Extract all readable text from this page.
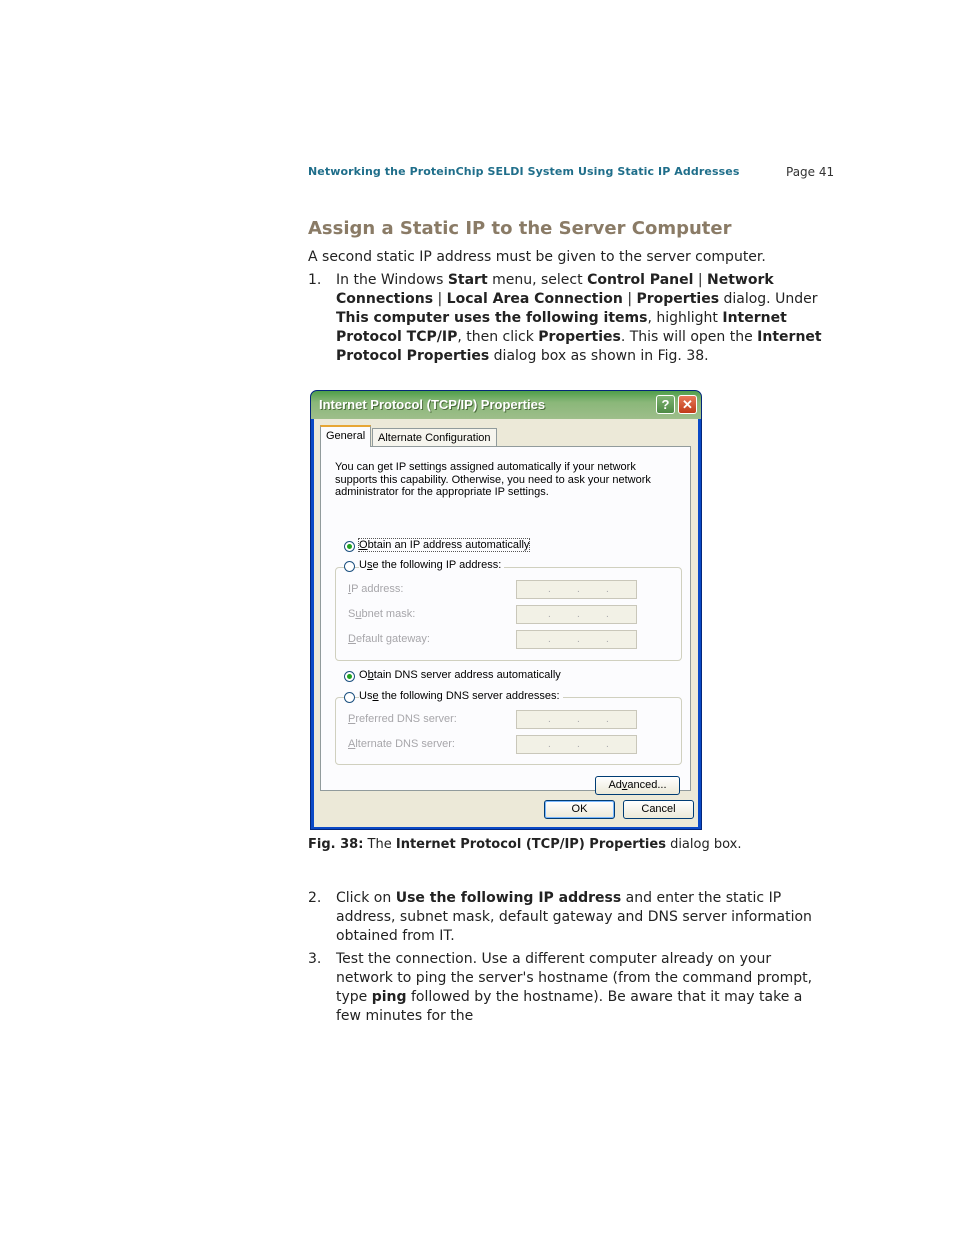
Networking the ProteinChip SELDI System Using Static IP Addresses	Page 41
Assign a Static IP to the Server Computer
A second static IP address must be given to the server computer.
1. In the Windows Start menu, select Control Panel | Network Connections | Local Area Connection | Properties dialog. Under This computer uses the following items, highlight Internet Protocol TCP/IP, then click Properties. This will open the Internet Protocol Properties dialog box as shown in Fig. 38.
Internet Protocol (TCP/IP) Properties	? ✕
General	Alternate Configuration
You can get IP settings assigned automatically if your network supports this capability. Otherwise, you need to ask your network administrator for the appropriate IP settings.
Obtain an IP address automatically
Use the following IP address:
IP address:	.	.	.
Subnet mask:	.	.	.
Default gateway:	.	.	.
Obtain DNS server address automatically
Use the following DNS server addresses:
Preferred DNS server:	.	.	.
Alternate DNS server:	.	.	.
Advanced...
OK	Cancel
Fig. 38: The Internet Protocol (TCP/IP) Properties dialog box.
2. Click on Use the following IP address and enter the static IP address, subnet mask, default gateway and DNS server information obtained from IT.
3. Test the connection. Use a different computer already on your network to ping the server's hostname (from the command prompt, type ping followed by the hostname). Be aware that it may take a few minutes for the
